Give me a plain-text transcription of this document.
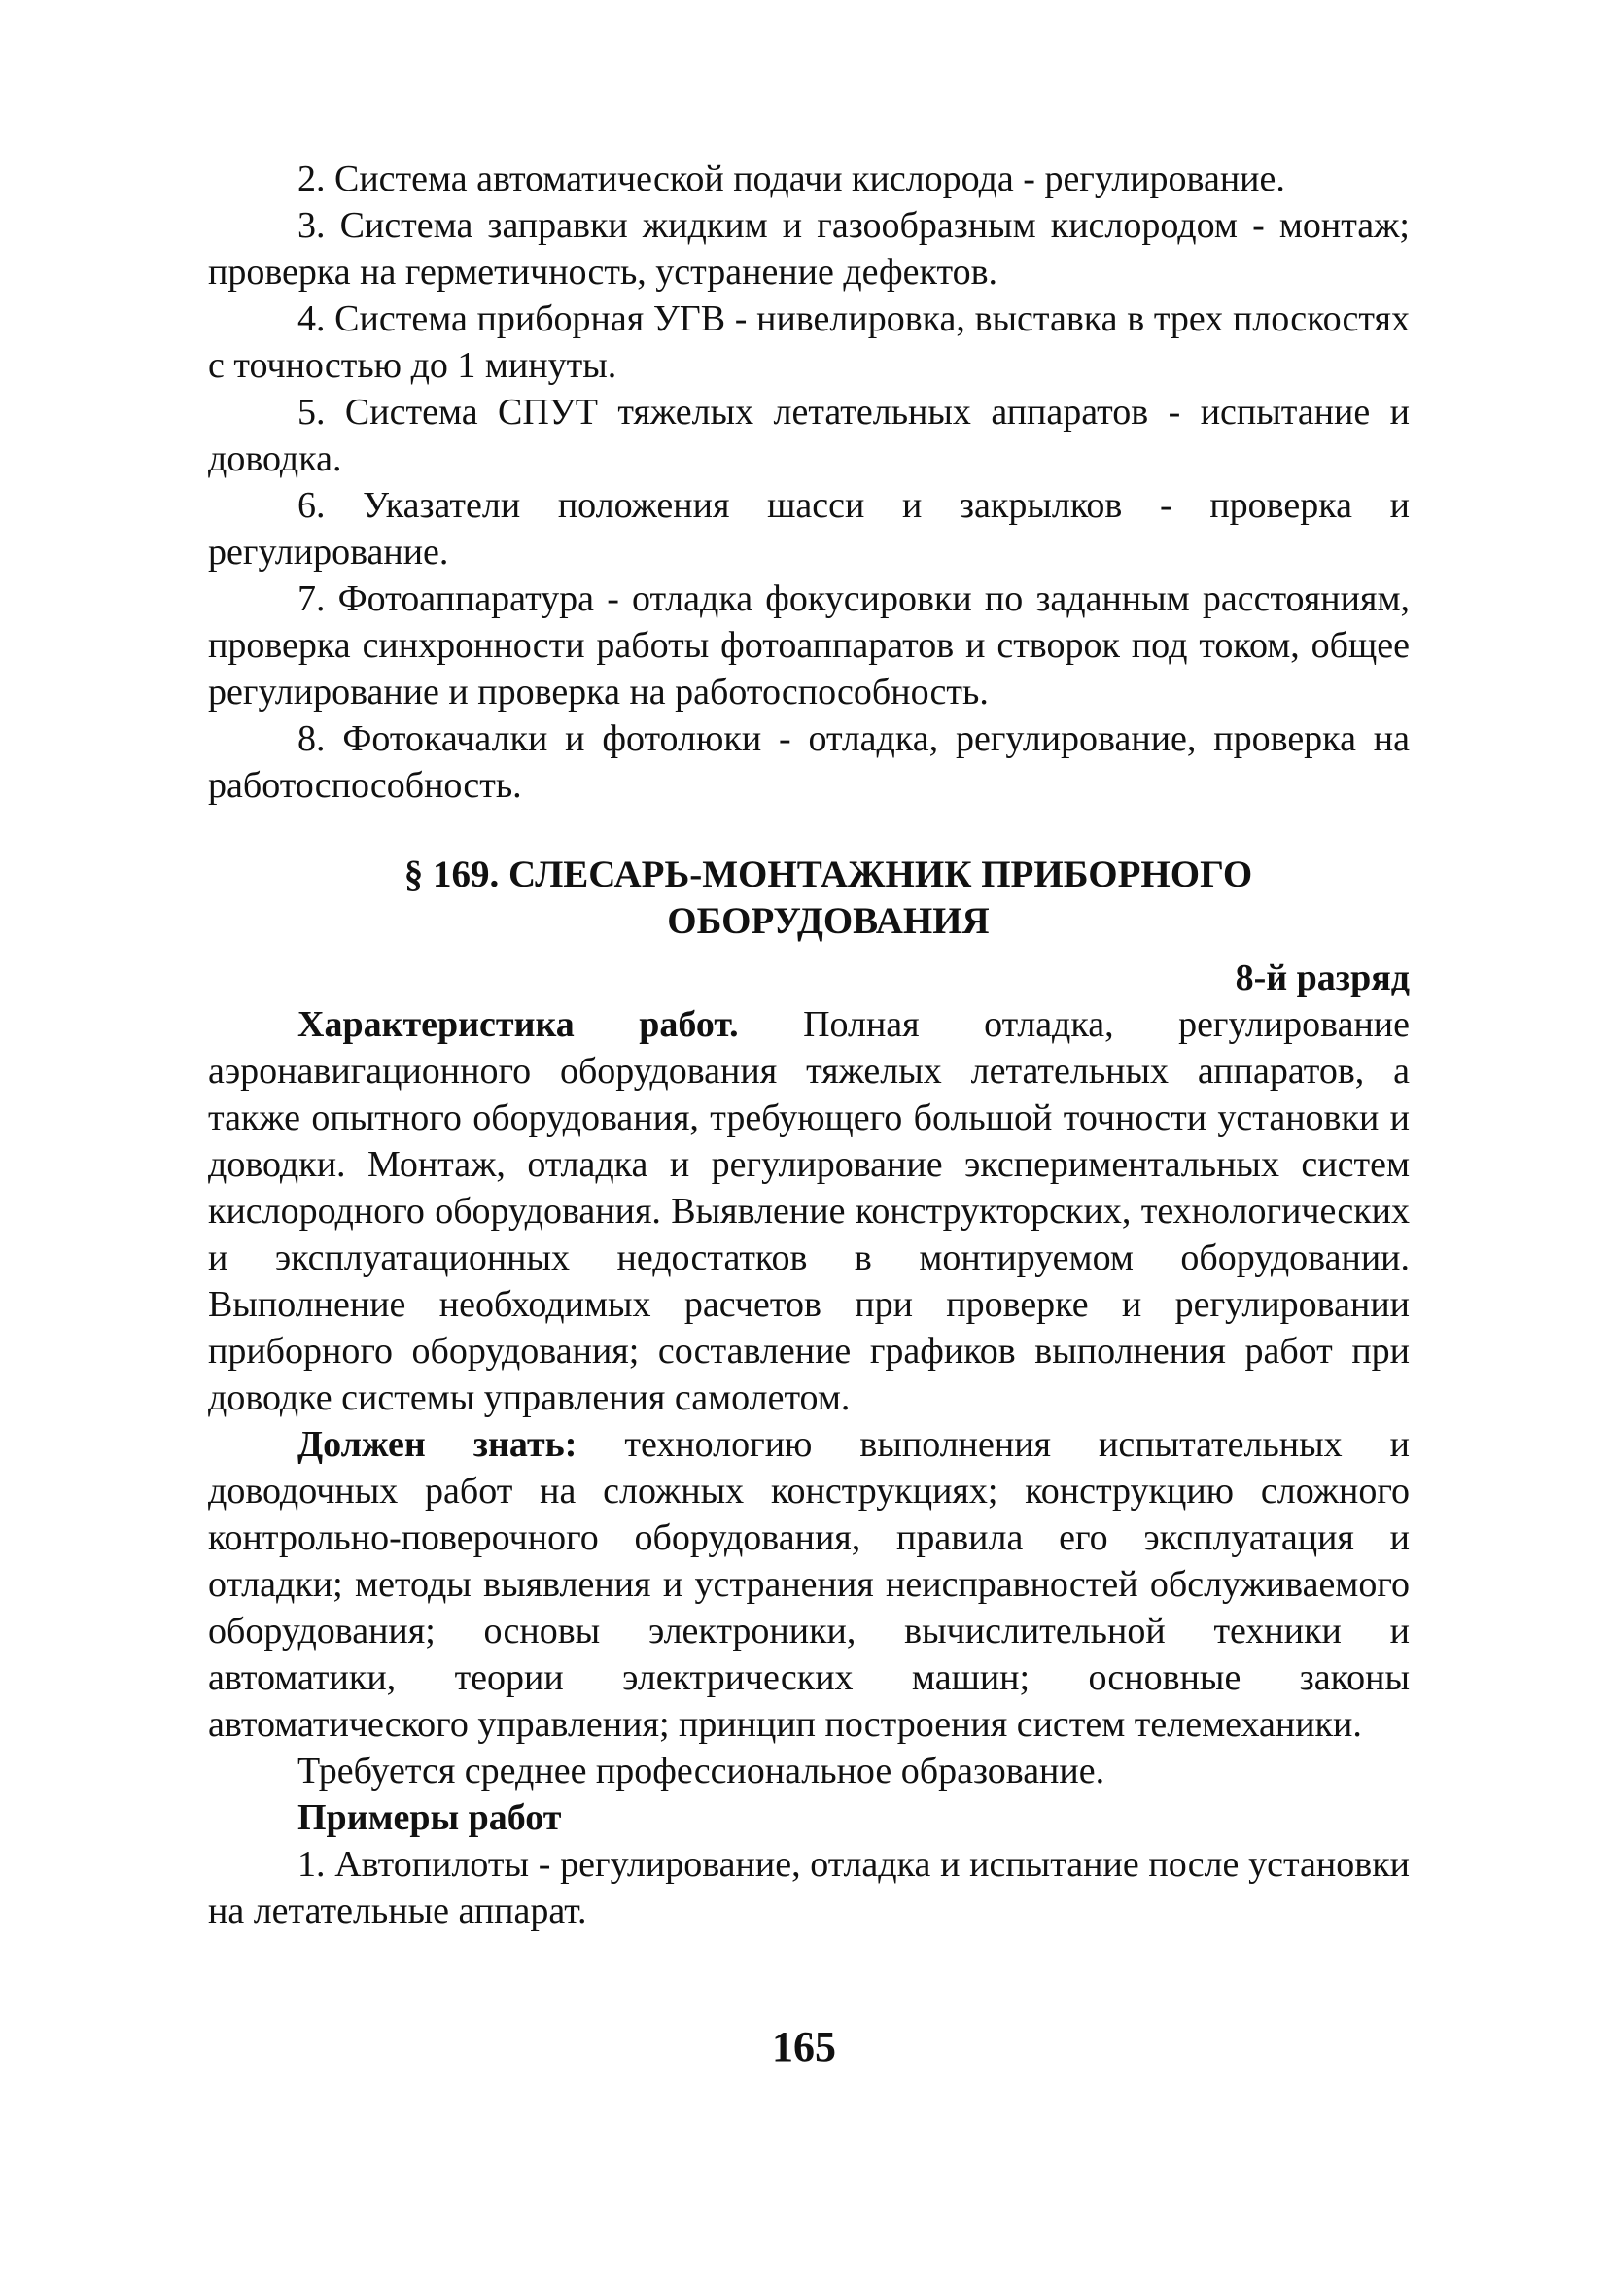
2. Система автоматической подачи кислорода - регулирование.

3. Система заправки жидким и газообразным кислородом - монтаж; проверка на герметичность, устранение дефектов.

4. Система приборная УГВ - нивелировка, выставка в трех плоскостях с точностью до 1 минуты.

5. Система СПУТ тяжелых летательных аппаратов - испытание и доводка.

6. Указатели положения шасси и закрылков - проверка и регулирование.

7. Фотоаппаратура - отладка фокусировки по заданным расстояниям, проверка синхронности работы фотоаппаратов и створок под током, общее регулирование и проверка на работоспособность.

8. Фотокачалки и фотолюки - отладка, регулирование, проверка на работоспособность.

§ 169. СЛЕСАРЬ-МОНТАЖНИК ПРИБОРНОГО
ОБОРУДОВАНИЯ
8-й разряд

Характеристика работ. Полная отладка, регулирование аэронавигационного оборудования тяжелых летательных аппаратов, а также опытного оборудования, требующего большой точности установки и доводки. Монтаж, отладка и регулирование экспериментальных систем кислородного оборудования. Выявление конструкторских, технологических и эксплуатационных недостатков в монтируемом оборудовании. Выполнение необходимых расчетов при проверке и регулировании приборного оборудования; составление графиков выполнения работ при доводке системы управления самолетом.

Должен знать: технологию выполнения испытательных и доводочных работ на сложных конструкциях; конструкцию сложного контрольно-поверочного оборудования, правила его эксплуатация и отладки; методы выявления и устранения неисправностей обслуживаемого оборудования; основы электроники, вычислительной техники и автоматики, теории электрических машин; основные законы автоматического управления; принцип построения систем телемеханики.

Требуется среднее профессиональное образование.

Примеры работ

1. Автопилоты - регулирование, отладка и испытание после установки на летательные аппарат.

165
